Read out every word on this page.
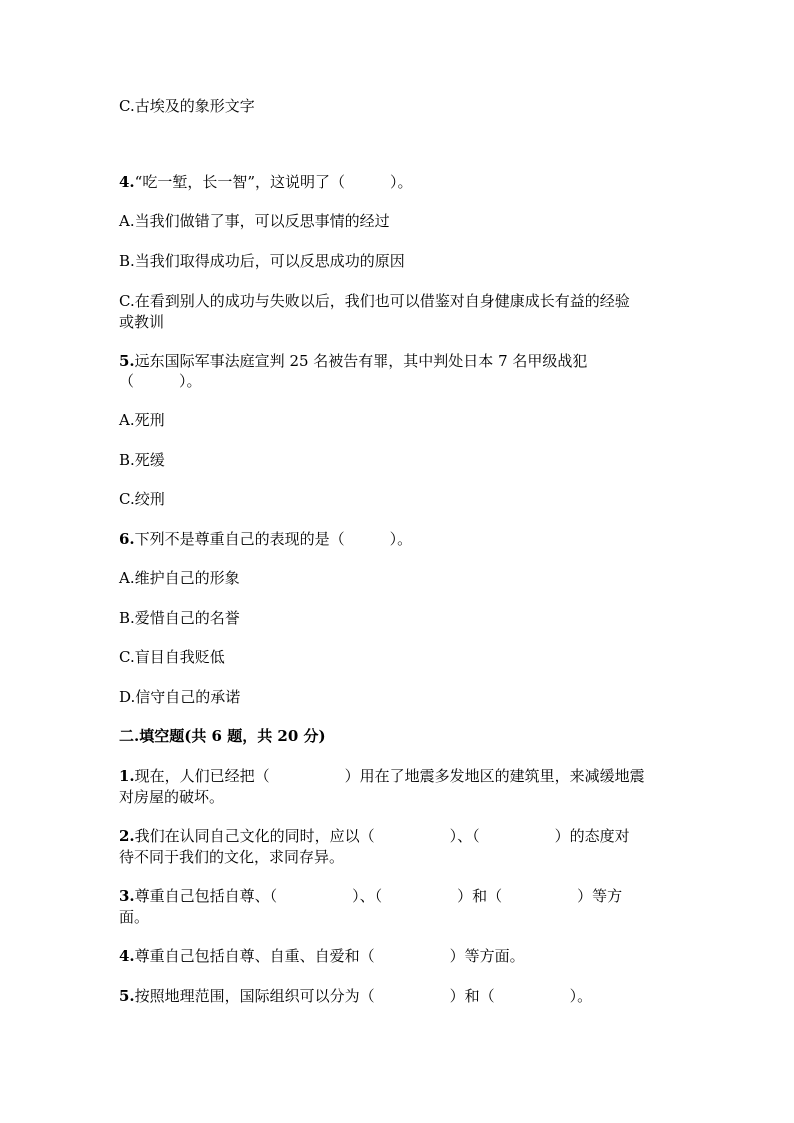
C.古埃及的象形文字
4.“吃一堑，长一智”，这说明了（　　　）。
A.当我们做错了事，可以反思事情的经过
B.当我们取得成功后，可以反思成功的原因
C.在看到别人的成功与失败以后，我们也可以借鉴对自身健康成长有益的经验
或教训
5.远东国际军事法庭宣判 25 名被告有罪，其中判处日本 7 名甲级战犯
（　　　）。
A.死刑
B.死缓
C.绞刑
6.下列不是尊重自己的表现的是（　　　）。
A.维护自己的形象
B.爱惜自己的名誉
C.盲目自我贬低
D.信守自己的承诺
二.填空题(共 6 题，共 20 分)
1.现在，人们已经把（　　　　　）用在了地震多发地区的建筑里，来减缓地震
对房屋的破坏。
2.我们在认同自己文化的同时，应以（　　　　　）、（　　　　　）的态度对
待不同于我们的文化，求同存异。
3.尊重自己包括自尊、（　　　　　）、（　　　　　）和（　　　　　）等方
面。
4.尊重自己包括自尊、自重、自爱和（　　　　　）等方面。
5.按照地理范围，国际组织可以分为（　　　　　）和（　　　　　）。
